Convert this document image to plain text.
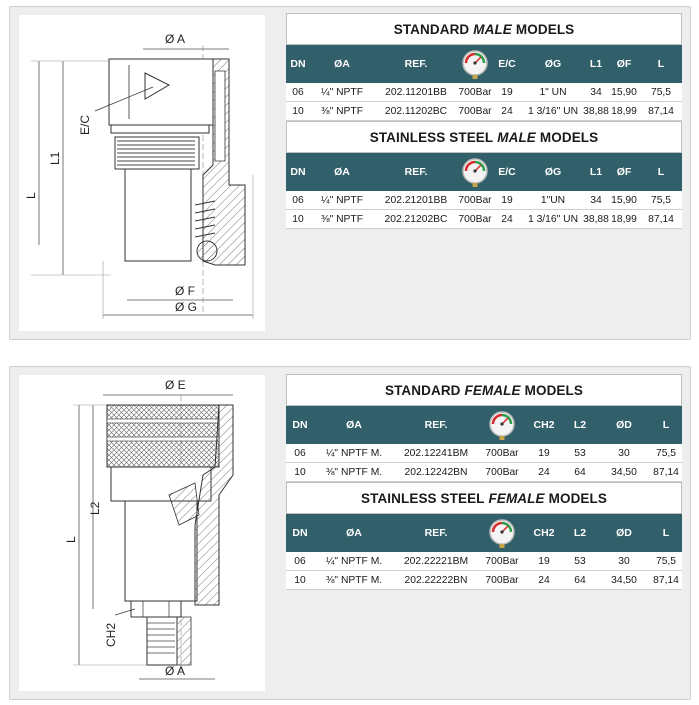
Ø A
E/C
L1
L
Ø F
Ø G
STANDARD MALE MODELS
DN	ØA	REF.	E/C	ØG	L1	ØF	L
06	¼" NPTF	202.11201BB	700Bar 19	1" UN	34 15,90	75,5
10	⅜" NPTF	202.11202BC	700Bar 24	1 3/16" UN 38,88 18,99	87,14
STAINLESS STEEL MALE MODELS
DN	ØA	REF.	E/C	ØG	L1	ØF	L
06	¼" NPTF	202.21201BB	700Bar 19	1"UN	34 15,90	75,5
10	⅜" NPTF	202.21202BC	700Bar 24	1 3/16" UN 38,88 18,99	87,14
Ø E
L
L2
CH2
Ø A
STANDARD FEMALE MODELS
DN	ØA	REF.	CH2	L2	ØD	L
06	¼" NPTF M.	202.12241BM	700Bar	19	53	30	75,5
10	⅜" NPTF M.	202.12242BN	700Bar	24	64	34,50	87,14
STAINLESS STEEL FEMALE MODELS
DN	ØA	REF.	CH2	L2	ØD	L
06	¼" NPTF M.	202.22221BM	700Bar	19	53	30	75,5
10	⅜" NPTF M.	202.22222BN	700Bar	24	64	34,50	87,14
